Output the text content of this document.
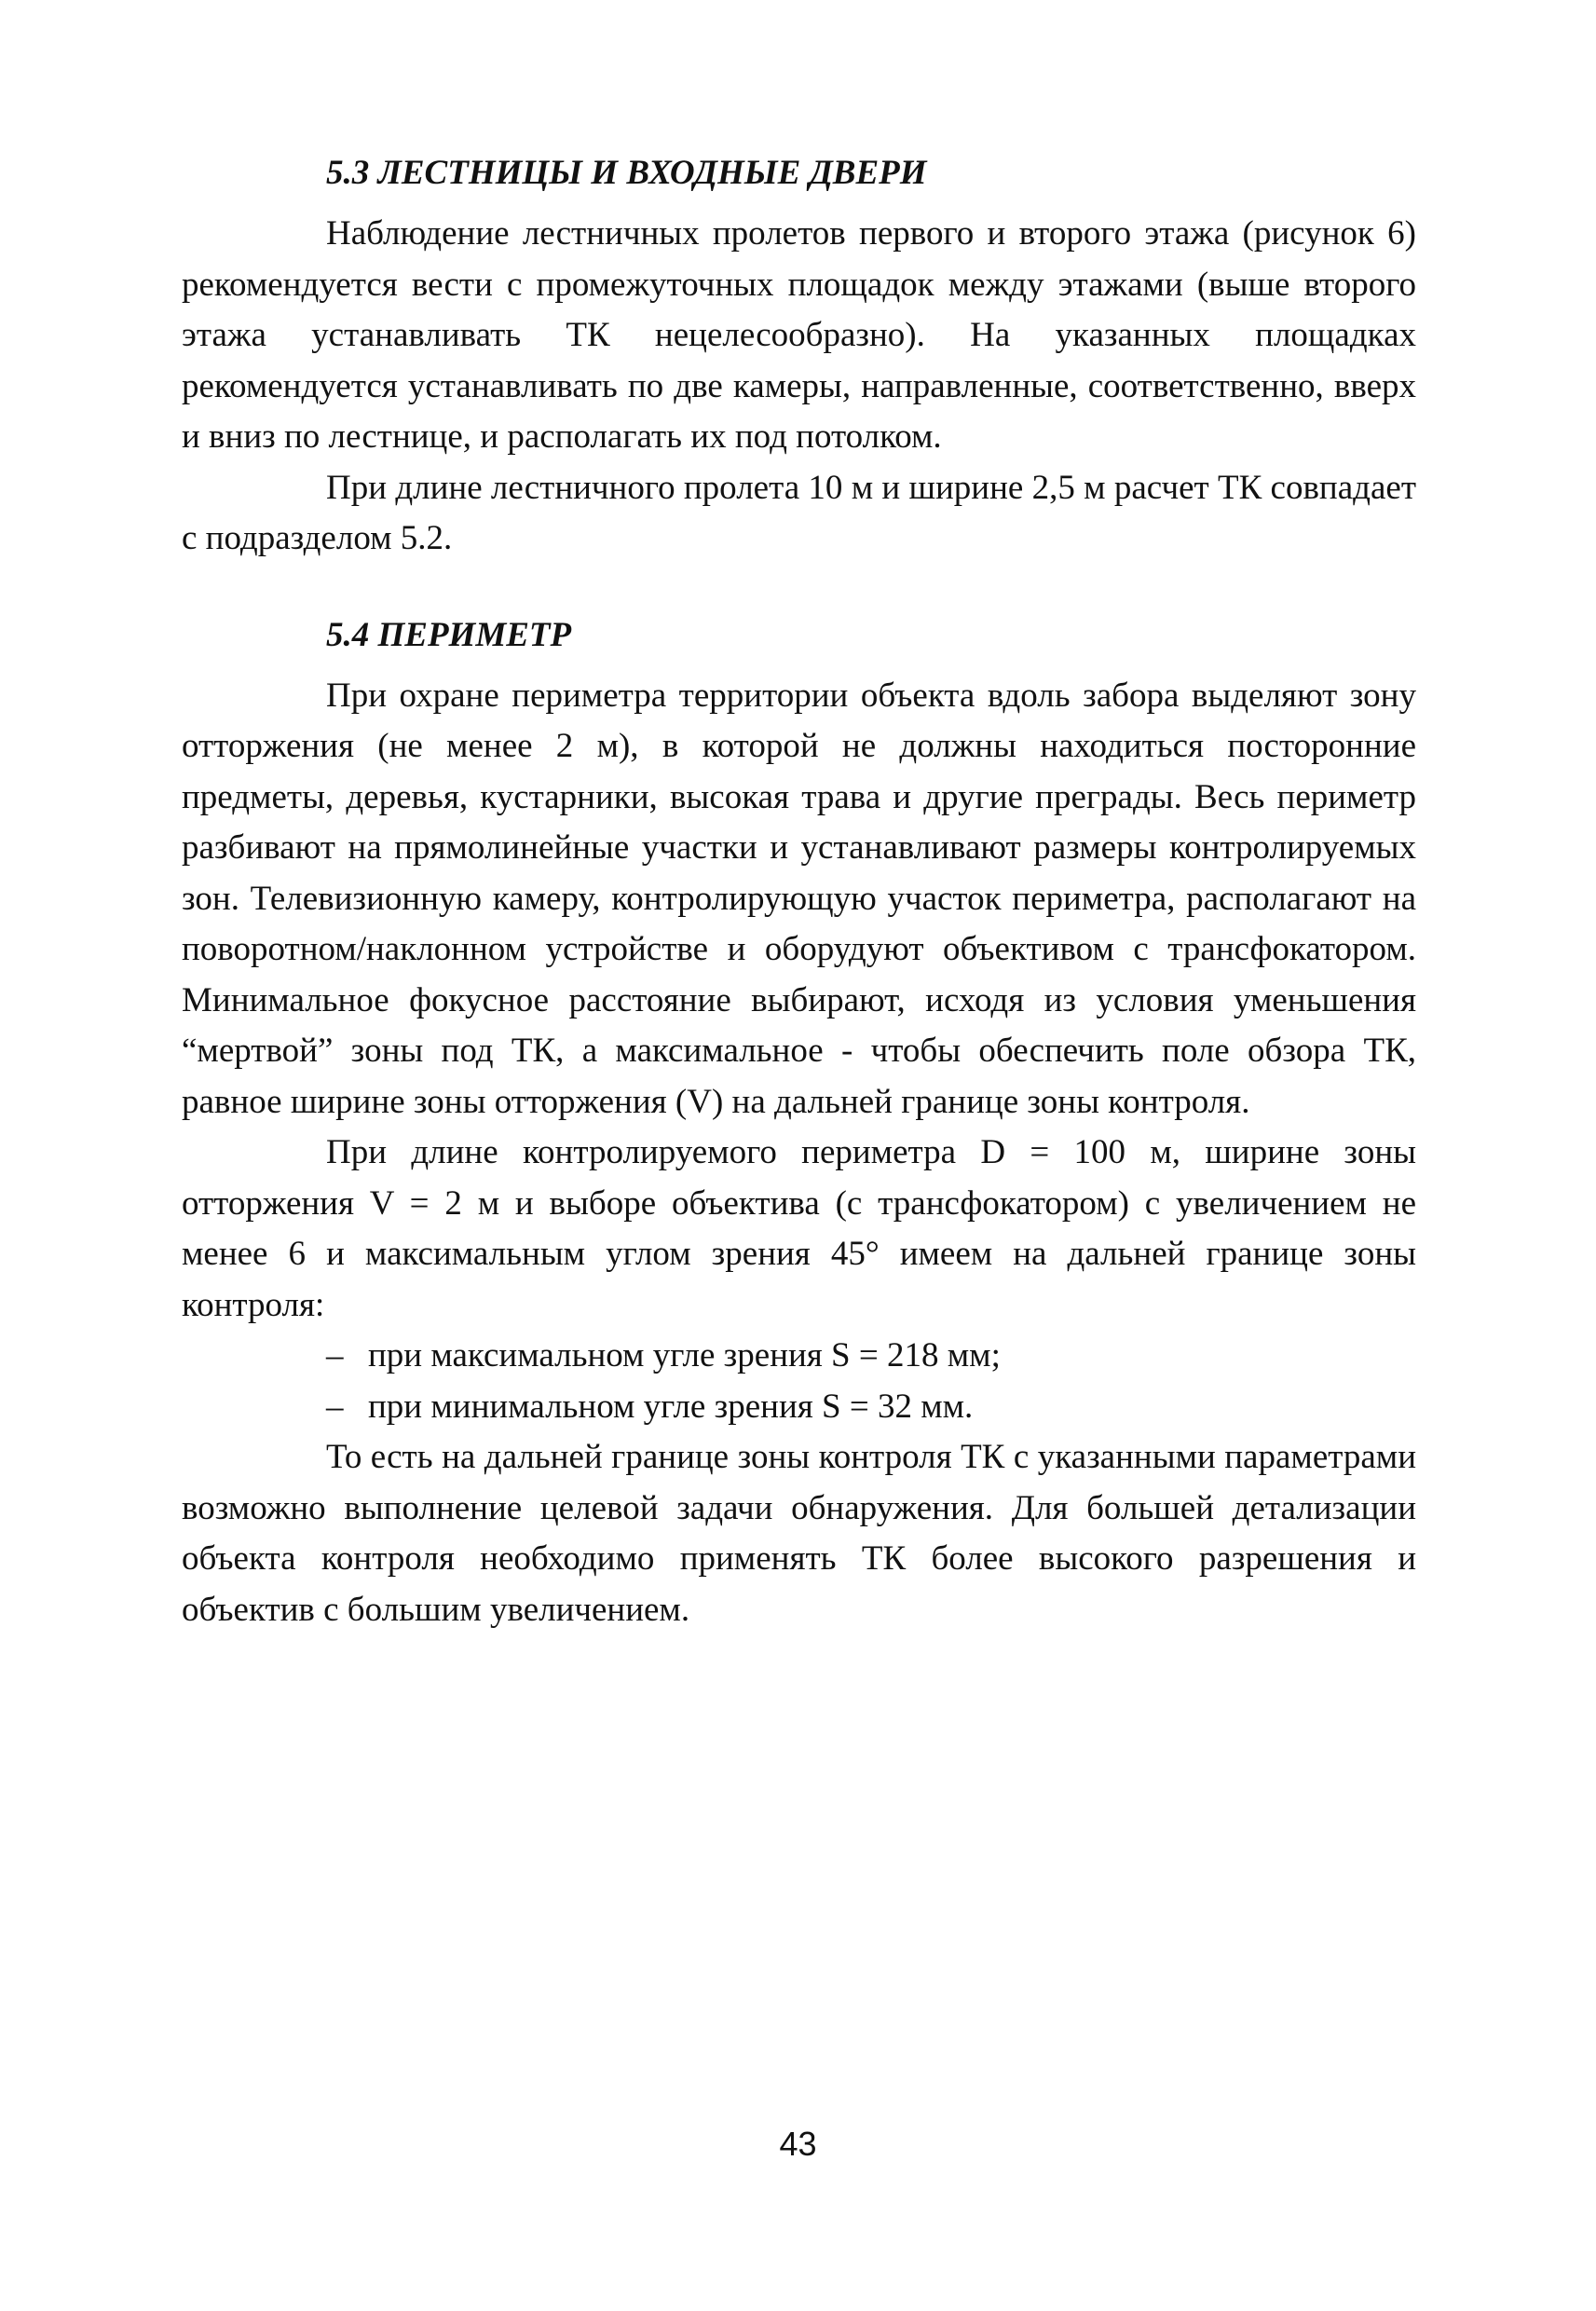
5.3 ЛЕСТНИЦЫ И ВХОДНЫЕ ДВЕРИ

Наблюдение лестничных пролетов первого и второго этажа (рисунок 6) рекомендуется вести с промежуточных площадок между этажами (выше второго этажа устанавливать ТК нецелесообразно). На указанных площадках рекомендуется устанавливать по две камеры, направленные, соответственно, вверх и вниз по лестнице, и располагать их под потолком.

При длине лестничного пролета 10 м и ширине 2,5 м расчет ТК совпадает с подразделом 5.2.

5.4 ПЕРИМЕТР

При охране периметра территории объекта вдоль забора выделяют зону отторжения (не менее 2 м), в которой не должны находиться посторонние предметы, деревья, кустарники, высокая трава и другие преграды. Весь периметр разбивают на прямолинейные участки и устанавливают размеры контролируемых зон. Телевизионную камеру, контролирующую участок периметра, располагают на поворотном/наклонном устройстве и оборудуют объективом с трансфокатором. Минимальное фокусное расстояние выбирают, исходя из условия уменьшения “мертвой” зоны под ТК, а максимальное - чтобы обеспечить поле обзора ТК, равное ширине зоны отторжения (V) на дальней границе зоны контроля.

При длине контролируемого периметра D = 100 м, ширине зоны отторжения V = 2 м и выборе объектива (с трансфокатором) с увеличением не менее 6 и максимальным углом зрения 45° имеем на дальней границе зоны контроля:

– при максимальном угле зрения S = 218 мм;
– при минимальном угле зрения S = 32 мм.

То есть на дальней границе зоны контроля ТК с указанными параметрами возможно выполнение целевой задачи обнаружения. Для большей детализации объекта контроля необходимо применять ТК более высокого разрешения и объектив с большим увеличением.

43
